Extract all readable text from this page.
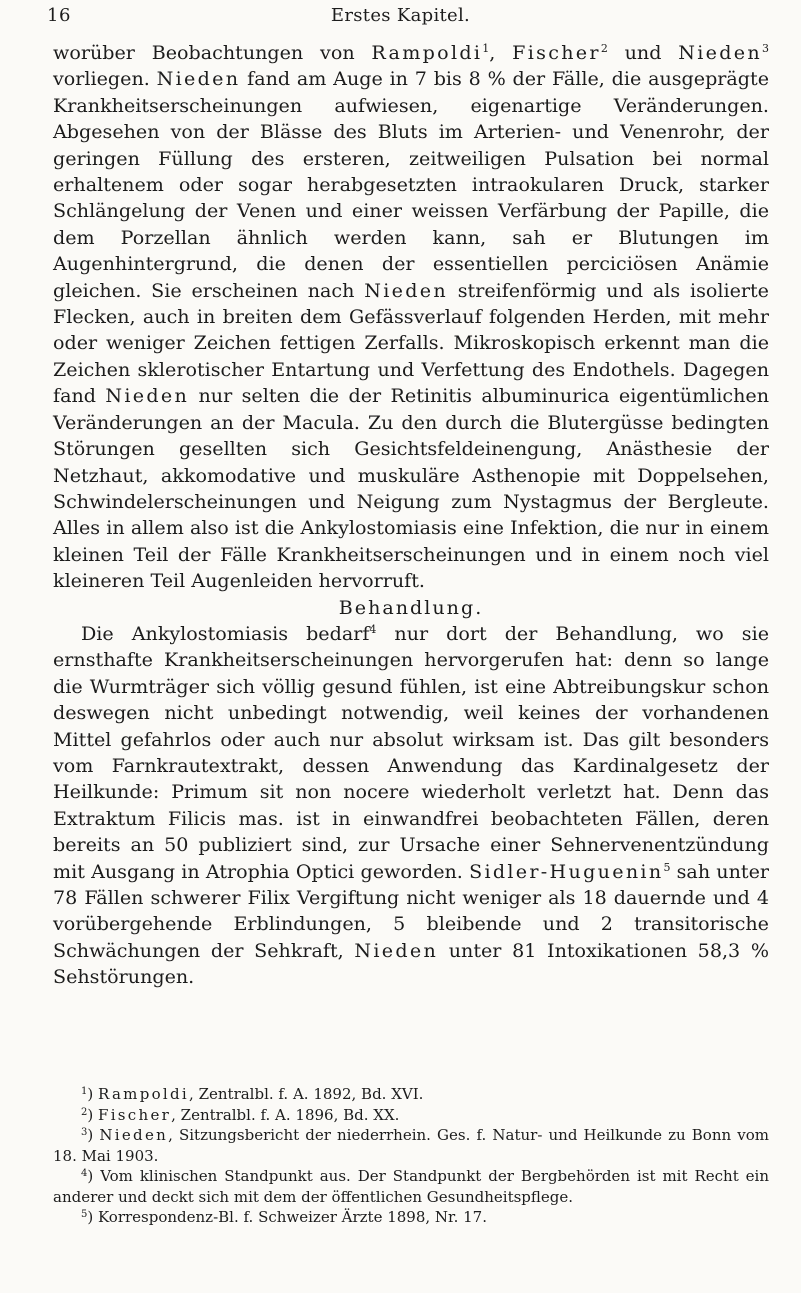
16	Erstes Kapitel.

worüber Beobachtungen von Rampoldi$^1$, Fischer$^2$ und Nieden$^3$ vorliegen. Nieden fand am Auge in 7 bis 8 % der Fälle, die ausgeprägte Krankheitserscheinungen aufwiesen, eigenartige Veränderungen. Abgesehen von der Blässe des Bluts im Arterien- und Venenrohr, der geringen Füllung des ersteren, zeitweiligen Pulsation bei normal erhaltenem oder sogar herabgesetzten intraokularen Druck, starker Schlängelung der Venen und einer weissen Verfärbung der Papille, die dem Porzellan ähnlich werden kann, sah er Blutungen im Augenhintergrund, die denen der essentiellen perciciösen Anämie gleichen. Sie erscheinen nach Nieden streifenförmig und als isolierte Flecken, auch in breiten dem Gefässverlauf folgenden Herden, mit mehr oder weniger Zeichen fettigen Zerfalls. Mikroskopisch erkennt man die Zeichen sklerotischer Entartung und Verfettung des Endothels. Dagegen fand Nieden nur selten die der Retinitis albuminurica eigentümlichen Veränderungen an der Macula. Zu den durch die Blutergüsse bedingten Störungen gesellten sich Gesichtsfeldeinengung, Anästhesie der Netzhaut, akkomodative und muskuläre Asthenopie mit Doppelsehen, Schwindelerscheinungen und Neigung zum Nystagmus der Bergleute. Alles in allem also ist die Ankylostomiasis eine Infektion, die nur in einem kleinen Teil der Fälle Krankheitserscheinungen und in einem noch viel kleineren Teil Augenleiden hervorruft.

Behandlung.

Die Ankylostomiasis bedarf$^4$ nur dort der Behandlung, wo sie ernsthafte Krankheitserscheinungen hervorgerufen hat: denn so lange die Wurmträger sich völlig gesund fühlen, ist eine Abtreibungskur schon deswegen nicht unbedingt notwendig, weil keines der vorhandenen Mittel gefahrlos oder auch nur absolut wirksam ist. Das gilt besonders vom Farnkrautextrakt, dessen Anwendung das Kardinalgesetz der Heilkunde: Primum sit non nocere wiederholt verletzt hat. Denn das Extraktum Filicis mas. ist in einwandfrei beobachteten Fällen, deren bereits an 50 publiziert sind, zur Ursache einer Sehnervenentzündung mit Ausgang in Atrophia Optici geworden. Sidler-Huguenin$^5$ sah unter 78 Fällen schwerer Filix Vergiftung nicht weniger als 18 dauernde und 4 vorübergehende Erblindungen, 5 bleibende und 2 transitorische Schwächungen der Sehkraft, Nieden unter 81 Intoxikationen 58,3 % Sehstörungen.

$^1$) Rampoldi, Zentralbl. f. A. 1892, Bd. XVI.

$^2$) Fischer, Zentralbl. f. A. 1896, Bd. XX.

$^3$) Nieden, Sitzungsbericht der niederrhein. Ges. f. Natur- und Heilkunde zu Bonn vom 18. Mai 1903.

$^4$) Vom klinischen Standpunkt aus. Der Standpunkt der Bergbehörden ist mit Recht ein anderer und deckt sich mit dem der öffentlichen Gesundheitspflege.

$^5$) Korrespondenz-Bl. f. Schweizer Ärzte 1898, Nr. 17.
